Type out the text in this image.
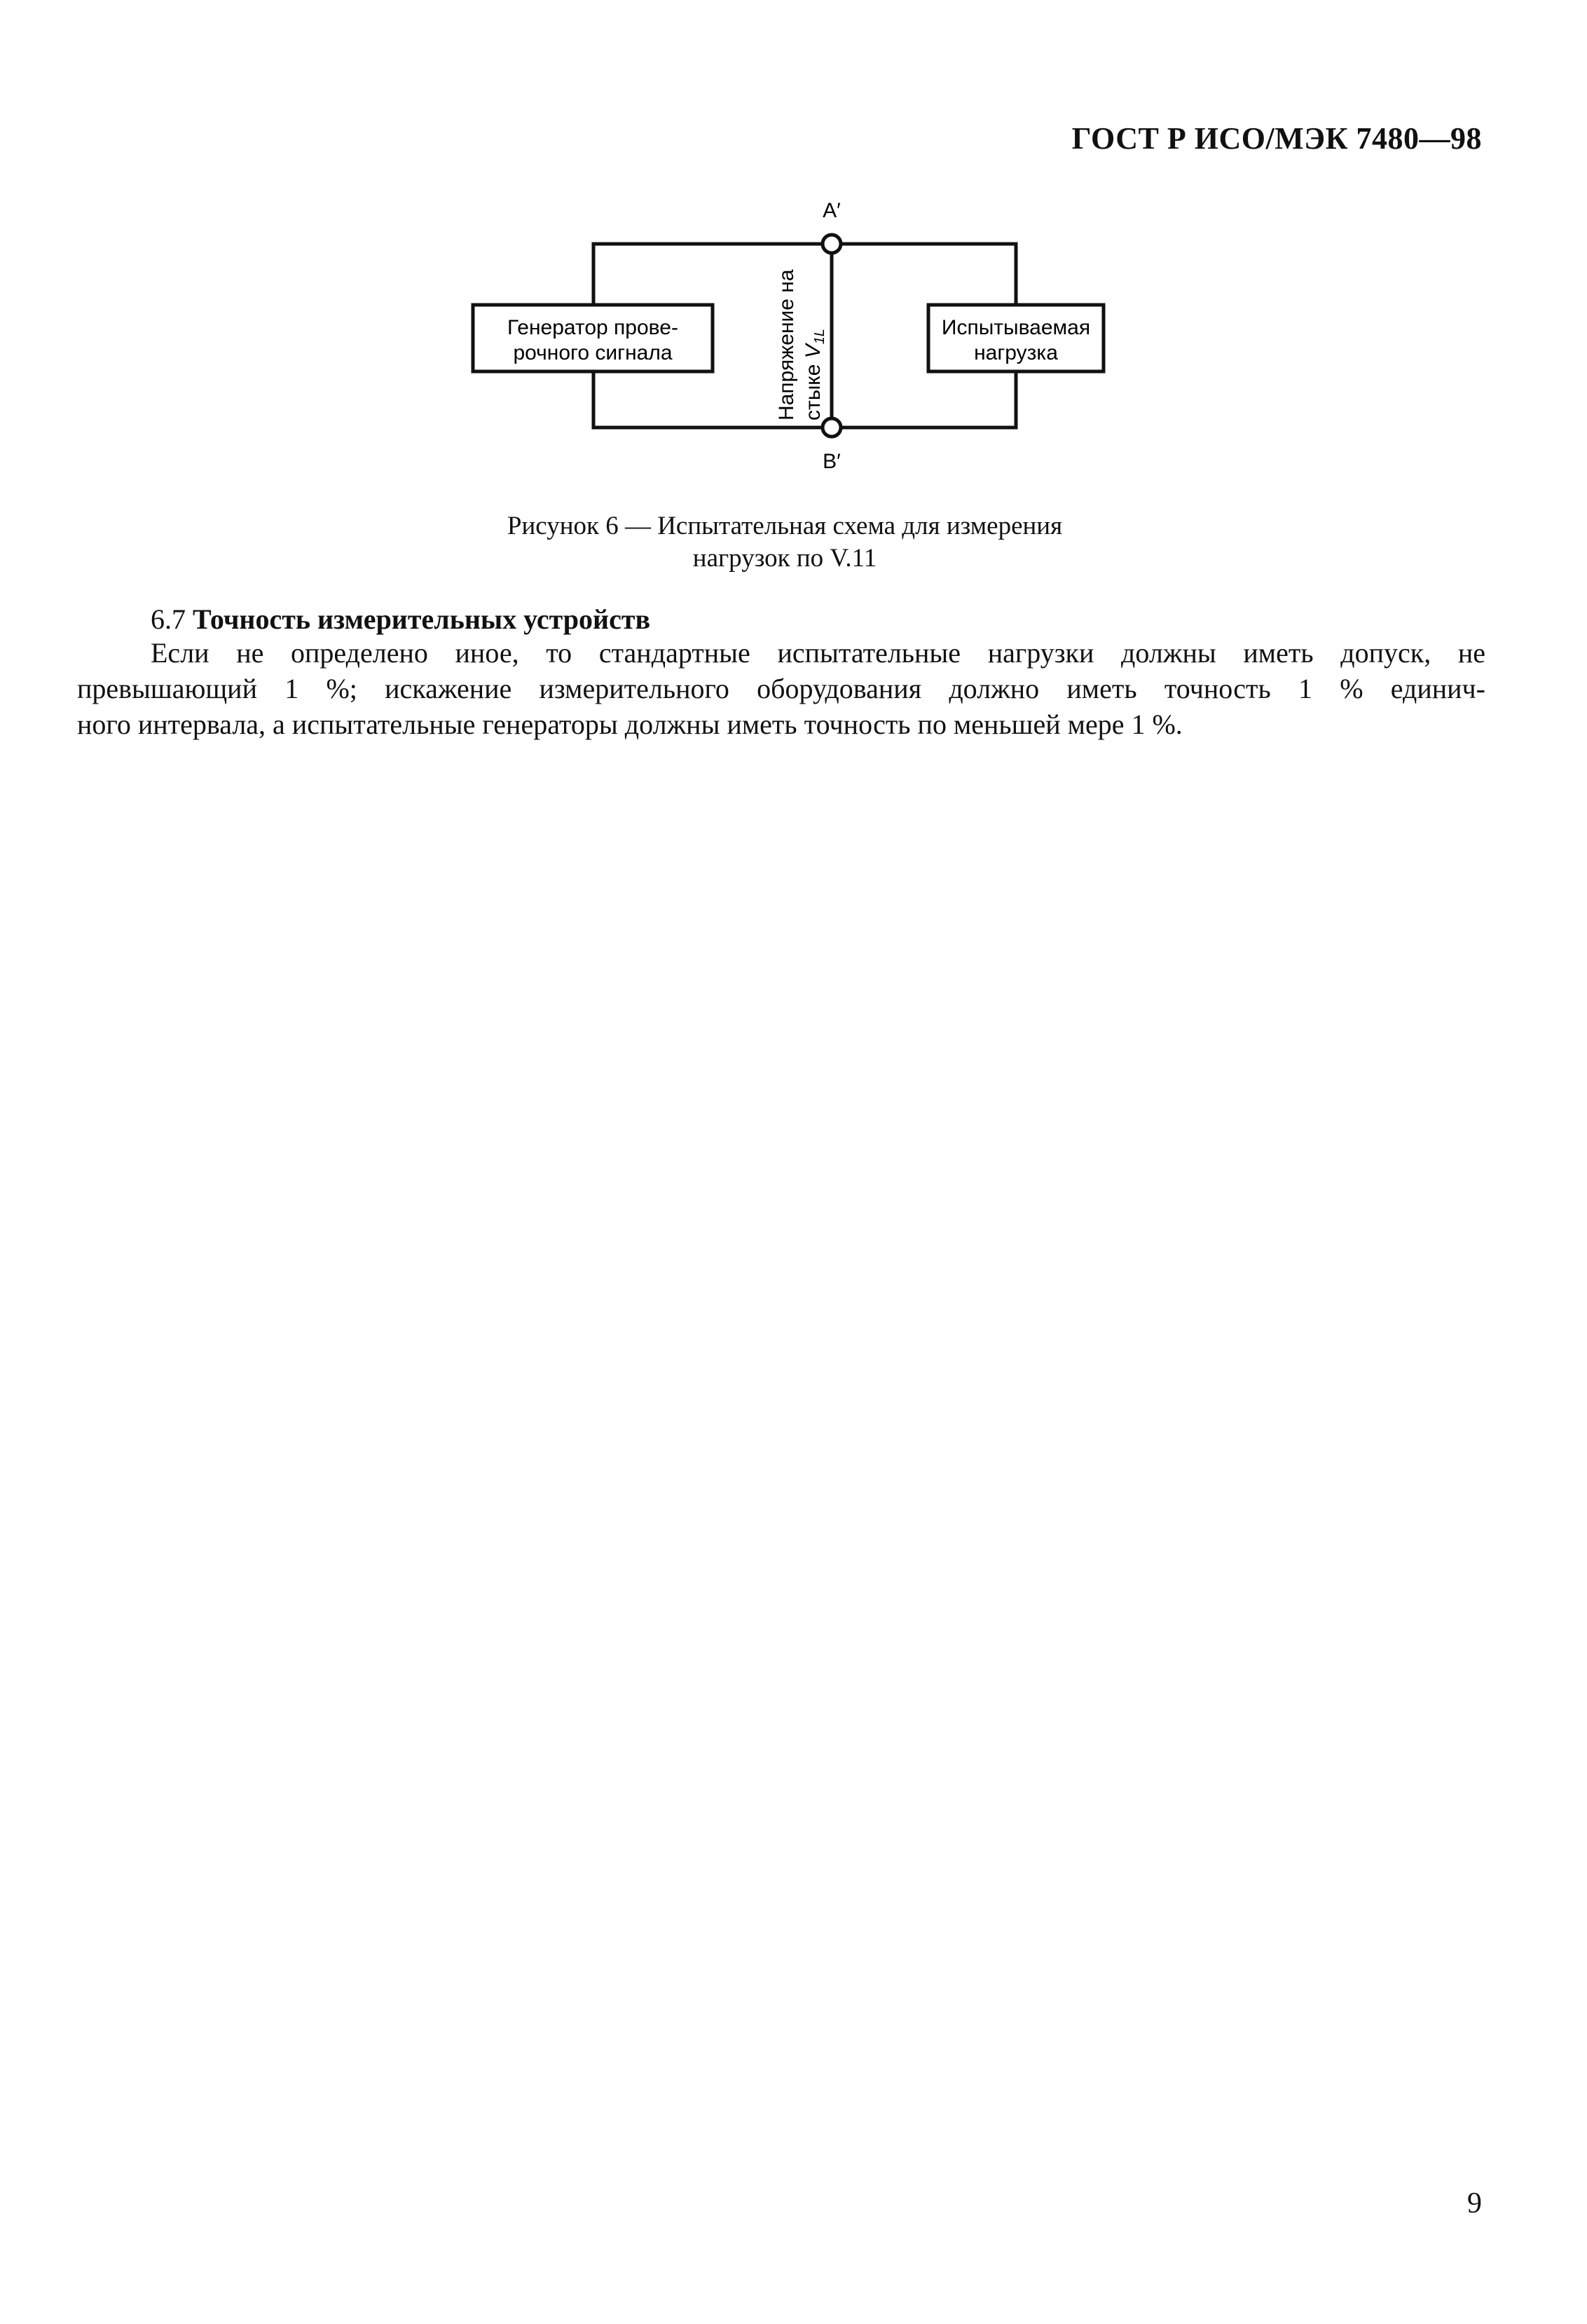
ГОСТ Р ИСО/МЭК 7480—98
Генератор прове-
рочного сигнала
Испытываемая
нагрузка
A′
B′
Напряжение на стыке $V_{1L}$
Рисунок 6 — Испытательная схема для измерения
нагрузок по V.11
6.7 Точность измерительных устройств
Если не определено иное, то стандартные испытательные нагрузки должны иметь допуск, не
превышающий 1 %; искажение измерительного оборудования должно иметь точность 1 % единич-
ного интервала, а испытательные генераторы должны иметь точность по меньшей мере 1 %.
9
